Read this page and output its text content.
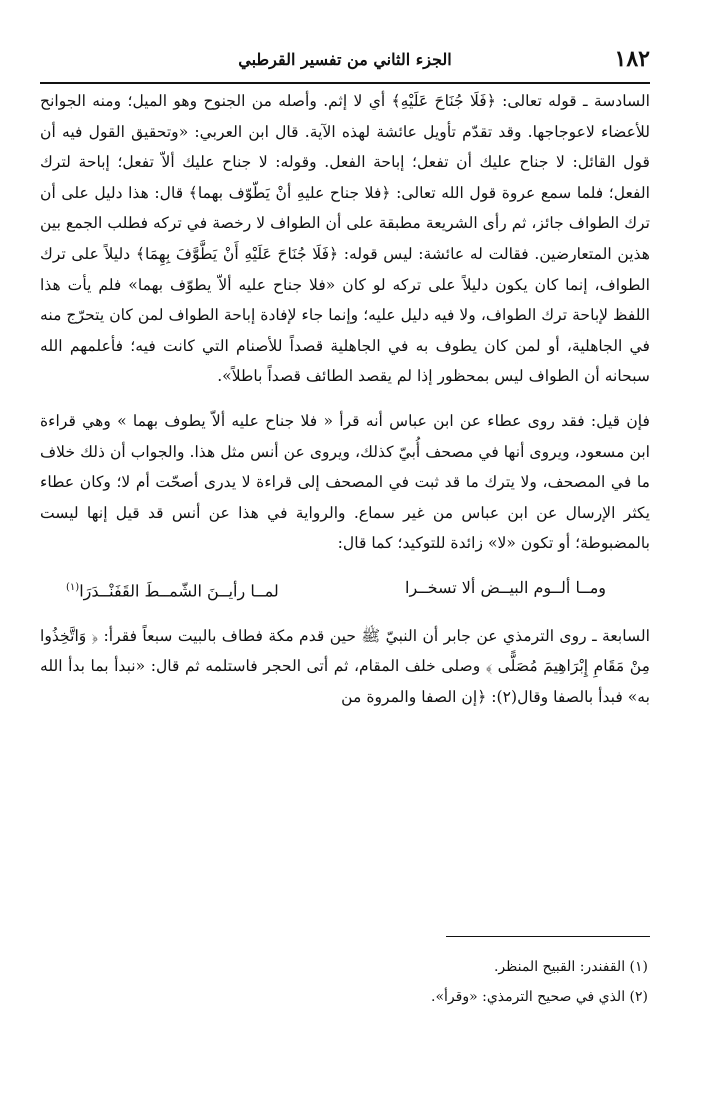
١٨٢
الجزء الثاني من تفسير القرطبي

السادسة ـ قوله تعالى: ﴿فَلَا جُنَاحَ عَلَيْهِ﴾ أي لا إثم. وأصله من الجنوح وهو الميل؛ ومنه الجوانح للأعضاء لاعوجاجها. وقد تقدّم تأويل عائشة لهذه الآية. قال ابن العربي: «وتحقيق القول فيه أن قول القائل: لا جناح عليك أن تفعل؛ إباحة الفعل. وقوله: لا جناح عليك ألاّ تفعل؛ إباحة لترك الفعل؛ فلما سمع عروة قول الله تعالى: ﴿فلا جناح عليهِ أنْ يَطّوّف بهما﴾ قال: هذا دليل على أن ترك الطواف جائز، ثم رأى الشريعة مطبقة على أن الطواف لا رخصة في تركه فطلب الجمع بين هذين المتعارضين. فقالت له عائشة: ليس قوله: ﴿فَلَا جُنَاحَ عَلَيْهِ أَنْ يَطَّوَّفَ بِهِمَا﴾ دليلاً على ترك الطواف، إنما كان يكون دليلاً على تركه لو كان «فلا جناح عليه ألاّ يطوّف بهما» فلم يأت هذا اللفظ لإباحة ترك الطواف، ولا فيه دليل عليه؛ وإنما جاء لإفادة إباحة الطواف لمن كان يتحرّج منه في الجاهلية، أو لمن كان يطوف به في الجاهلية قصداً للأصنام التي كانت فيه؛ فأعلمهم الله سبحانه أن الطواف ليس بمحظور إذا لم يقصد الطائف قصداً باطلاً».

فإن قيل: فقد روى عطاء عن ابن عباس أنه قرأ « فلا جناح عليه ألاّ يطوف بهما » وهي قراءة ابن مسعود، ويروى أنها في مصحف أُبيّ كذلك، ويروى عن أنس مثل هذا. والجواب أن ذلك خلاف ما في المصحف، ولا يترك ما قد ثبت في المصحف إلى قراءة لا يدرى أصحّت أم لا؛ وكان عطاء يكثر الإرسال عن ابن عباس من غير سماع. والرواية في هذا عن أنس قد قيل إنها ليست بالمضبوطة؛ أو تكون «لا» زائدة للتوكيد؛ كما قال:

ومــا ألــوم البيــض ألا تسخــرا
لمــا رأيــنَ الشّمــطَ القَفَنْــدَرَا$^{(١)}$

السابعة ـ روى الترمذي عن جابر أن النبيّ ﷺ حين قدم مكة فطاف بالبيت سبعاً فقرأ: ﴿ وَاتَّخِذُوا مِنْ مَقَامِ إِبْرَاهِيمَ مُصَلًّى ﴾ وصلى خلف المقام، ثم أتى الحجر فاستلمه ثم قال: «نبدأ بما بدأ الله به» فبدأ بالصفا وقال(٢): ﴿إن الصفا والمروة من

(١) القفندر: القبيح المنظر.
(٢) الذي في صحيح الترمذي: «وقرأ».
